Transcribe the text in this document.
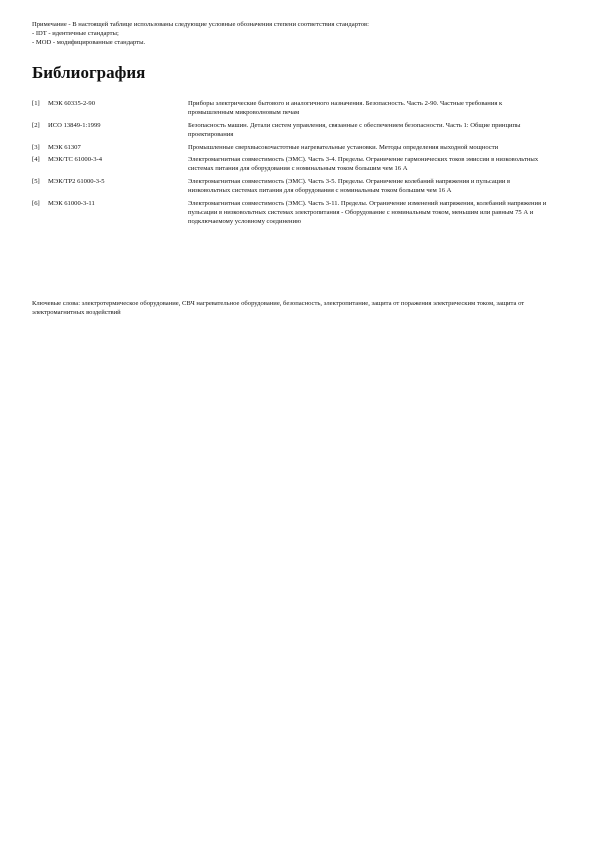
Примечание - В настоящей таблице использованы следующие условные обозначения степени соответствия стандартов:
- IDT - идентичные стандарты;
- MOD - модифицированные стандарты.
Библиография
[1]	МЭК 60335-2-90	Приборы электрические бытового и аналогичного назначения. Безопасность. Часть 2-90. Частные требования к промышленным микроволновым печам
[2]	ИСО 13849-1:1999	Безопасность машин. Детали систем управления, связанные с обеспечением безопасности. Часть 1: Общие принципы проектирования
[3]	МЭК 61307	Промышленные сверхвысокочастотные нагревательные установки. Методы определения выходной мощности
[4]	МЭК/ТС 61000-3-4	Электромагнитная совместимость (ЭМС). Часть 3-4. Пределы. Ограничение гармонических токов эмиссии в низковольтных системах питания для оборудования с номинальным током большим чем 16 А
[5]	МЭК/ТР2 61000-3-5	Электромагнитная совместимость (ЭМС). Часть 3-5. Пределы. Ограничение колебаний напряжения и пульсации в низковольтных системах питания для оборудования с номинальным током большим чем 16 А
[6]	МЭК 61000-3-11	Электромагнитная совместимость (ЭМС). Часть 3-11. Пределы. Ограничение изменений напряжения, колебаний напряжения и пульсации в низковольтных системах электропитания - Оборудование с номинальным током, меньшим или равным 75 А и подключаемому условному соединению
Ключевые слова: электротермическое оборудование, СВЧ нагревательное оборудование, безопасность, электропитание, защита от поражения электрическим током, защита от электромагнитных воздействий
